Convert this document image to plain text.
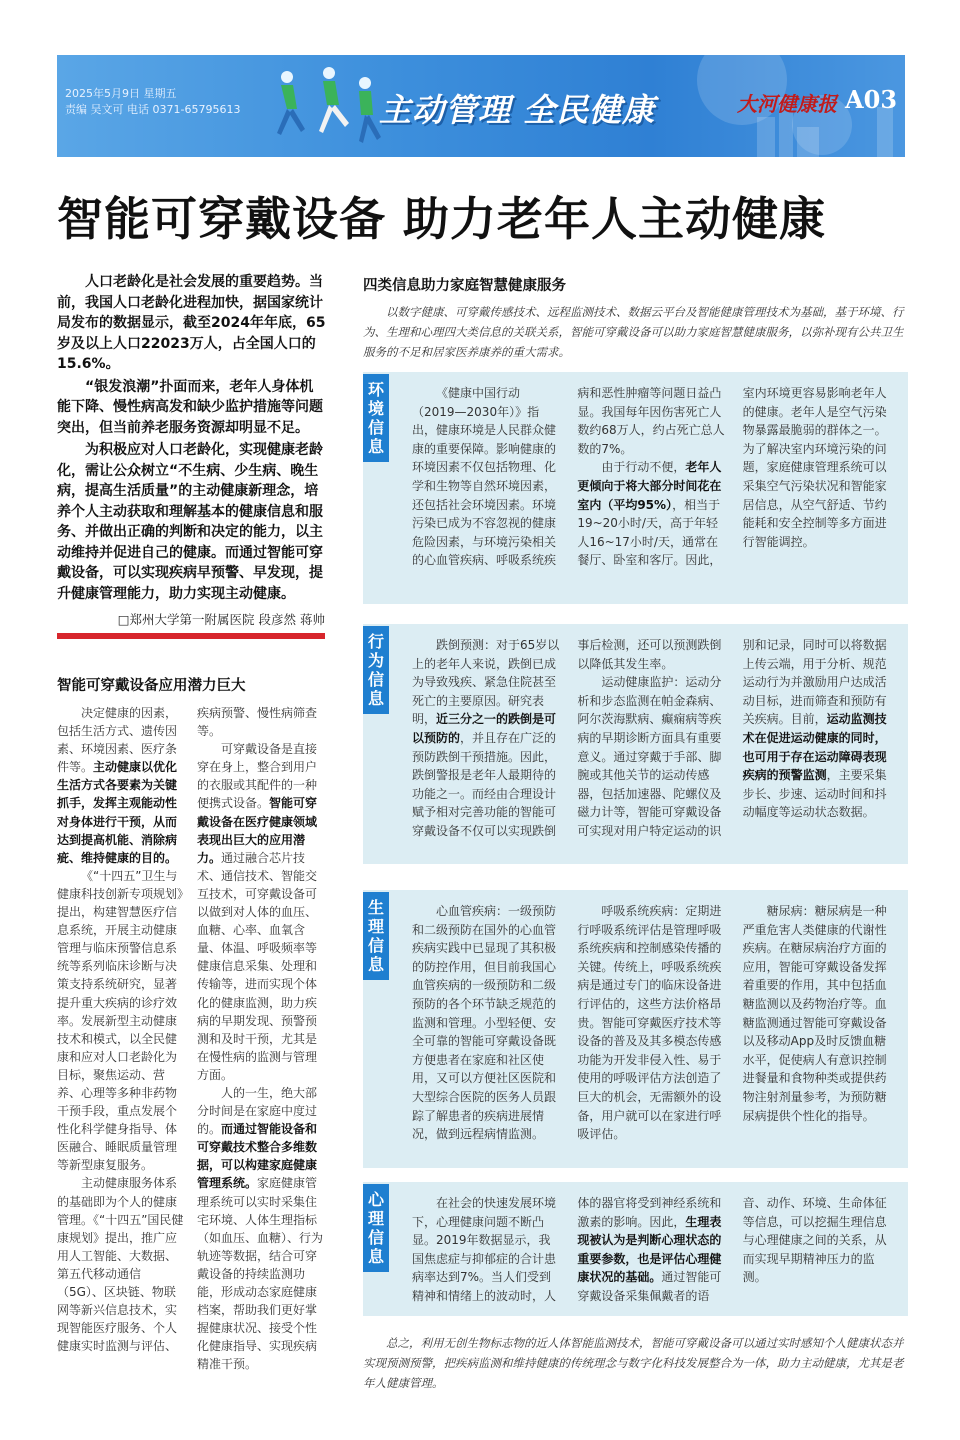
2025年5月9日 星期五
责编 吴文可 电话 0371-65795613	主动管理 全民健康	大河健康报 A03
智能可穿戴设备 助力老年人主动健康

人口老龄化是社会发展的重要趋势。当前，我国人口老龄化进程加快，据国家统计局发布的数据显示，截至2024年年底，65岁及以上人口22023万人，占全国人口的15.6%。

“银发浪潮”扑面而来，老年人身体机能下降、慢性病高发和缺少监护措施等问题突出，但当前养老服务资源却明显不足。

为积极应对人口老龄化，实现健康老龄化，需让公众树立“不生病、少生病、晚生病，提高生活质量”的主动健康新理念，培养个人主动获取和理解基本的健康信息和服务、并做出正确的判断和决定的能力，以主动维持并促进自己的健康。而通过智能可穿戴设备，可以实现疾病早预警、早发现，提升健康管理能力，助力实现主动健康。

□郑州大学第一附属医院 段彦然 蒋帅
智能可穿戴设备应用潜力巨大

决定健康的因素，包括生活方式、遗传因素、环境因素、医疗条件等。主动健康以优化生活方式各要素为关键抓手，发挥主观能动性对身体进行干预，从而达到提高机能、消除病疵、维持健康的目的。

《“十四五”卫生与健康科技创新专项规划》提出，构建智慧医疗信息系统，开展主动健康管理与临床预警信息系统等系列临床诊断与决策支持系统研究，显著提升重大疾病的诊疗效率。发展新型主动健康技术和模式，以全民健康和应对人口老龄化为目标，聚焦运动、营养、心理等多种非药物干预手段，重点发展个性化科学健身指导、体医融合、睡眠质量管理等新型康复服务。

主动健康服务体系的基础即为个人的健康管理。《“十四五”国民健康规划》提出，推广应用人工智能、大数据、第五代移动通信（5G）、区块链、物联网等新兴信息技术，实现智能医疗服务、个人健康实时监测与评估、疾病预警、慢性病筛查等。

可穿戴设备是直接穿在身上，整合到用户的衣服或其配件的一种便携式设备。智能可穿戴设备在医疗健康领域表现出巨大的应用潜力。通过融合芯片技术、通信技术、智能交互技术，可穿戴设备可以做到对人体的血压、血糖、心率、血氧含量、体温、呼吸频率等健康信息采集、处理和传输等，进而实现个体化的健康监测，助力疾病的早期发现、预警预测和及时干预，尤其是在慢性病的监测与管理方面。

人的一生，绝大部分时间是在家庭中度过的。而通过智能设备和可穿戴技术整合多维数据，可以构建家庭健康管理系统。家庭健康管理系统可以实时采集住宅环境、人体生理指标（如血压、血糖）、行为轨迹等数据，结合可穿戴设备的持续监测功能，形成动态家庭健康档案，帮助我们更好掌握健康状况、接受个性化健康指导、实现疾病精准干预。

四类信息助力家庭智慧健康服务
以数字健康、可穿戴传感技术、远程监测技术、数据云平台及智能健康管理技术为基础，基于环境、行为、生理和心理四大类信息的关联关系，智能可穿戴设备可以助力家庭智慧健康服务，以弥补现有公共卫生服务的不足和居家医养康养的重大需求。
环
境
信
息

《健康中国行动（2019—2030年）》指出，健康环境是人民群众健康的重要保障。影响健康的环境因素不仅包括物理、化学和生物等自然环境因素，还包括社会环境因素。环境污染已成为不容忽视的健康危险因素，与环境污染相关的心血管疾病、呼吸系统疾病和恶性肿瘤等问题日益凸显。我国每年因伤害死亡人数约68万人，约占死亡总人数的7%。

由于行动不便，老年人更倾向于将大部分时间花在室内（平均95%），相当于19~20小时/天，高于年轻人16~17小时/天，通常在餐厅、卧室和客厅。因此，室内环境更容易影响老年人的健康。老年人是空气污染物暴露最脆弱的群体之一。为了解决室内环境污染的问题，家庭健康管理系统可以采集空气污染状况和智能家居信息，从空气舒适、节约能耗和安全控制等多方面进行智能调控。

行
为
信
息

跌倒预测：对于65岁以上的老年人来说，跌倒已成为导致残疾、紧急住院甚至死亡的主要原因。研究表明，近三分之一的跌倒是可以预防的，并且存在广泛的预防跌倒干预措施。因此，跌倒警报是老年人最期待的功能之一。而经由合理设计赋予相对完善功能的智能可穿戴设备不仅可以实现跌倒事后检测，还可以预测跌倒以降低其发生率。

运动健康监护：运动分析和步态监测在帕金森病、阿尔茨海默病、癫痫病等疾病的早期诊断方面具有重要意义。通过穿戴于手部、脚腕或其他关节的运动传感器，包括加速器、陀螺仪及磁力计等，智能可穿戴设备可实现对用户特定运动的识别和记录，同时可以将数据上传云端，用于分析、规范运动行为并激励用户达成活动目标，进而筛查和预防有关疾病。目前，运动监测技术在促进运动健康的同时，也可用于存在运动障碍表现疾病的预警监测，主要采集步长、步速、运动时间和抖动幅度等运动状态数据。

生
理
信
息

心血管疾病：一级预防和二级预防在国外的心血管疾病实践中已显现了其积极的防控作用，但目前我国心血管疾病的一级预防和二级预防的各个环节缺乏规范的监测和管理。小型轻便、安全可靠的智能可穿戴设备既方便患者在家庭和社区使用，又可以方便社区医院和大型综合医院的医务人员跟踪了解患者的疾病进展情况，做到远程病情监测。

呼吸系统疾病：定期进行呼吸系统评估是管理呼吸系统疾病和控制感染传播的关键。传统上，呼吸系统疾病是通过专门的临床设备进行评估的，这些方法价格昂贵。智能可穿戴医疗技术等设备的普及及其多模态传感功能为开发非侵入性、易于使用的呼吸评估方法创造了巨大的机会，无需额外的设备，用户就可以在家进行呼吸评估。

糖尿病：糖尿病是一种严重危害人类健康的代谢性疾病。在糖尿病治疗方面的应用，智能可穿戴设备发挥着重要的作用，其中包括血糖监测以及药物治疗等。血糖监测通过智能可穿戴设备以及移动App及时反馈血糖水平，促使病人有意识控制进餐量和食物种类或提供药物注射剂量参考，为预防糖尿病提供个性化的指导。

心
理
信
息

在社会的快速发展环境下，心理健康问题不断凸显。2019年数据显示，我国焦虑症与抑郁症的合计患病率达到7%。当人们受到精神和情绪上的波动时，人体的器官将受到神经系统和激素的影响。因此，生理表现被认为是判断心理状态的重要参数，也是评估心理健康状况的基础。通过智能可穿戴设备采集佩戴者的语音、动作、环境、生命体征等信息，可以挖掘生理信息与心理健康之间的关系，从而实现早期精神压力的监测。

总之，利用无创生物标志物的近人体智能监测技术，智能可穿戴设备可以通过实时感知个人健康状态并实现预测预警，把疾病监测和维持健康的传统理念与数字化科技发展整合为一体，助力主动健康，尤其是老年人健康管理。
